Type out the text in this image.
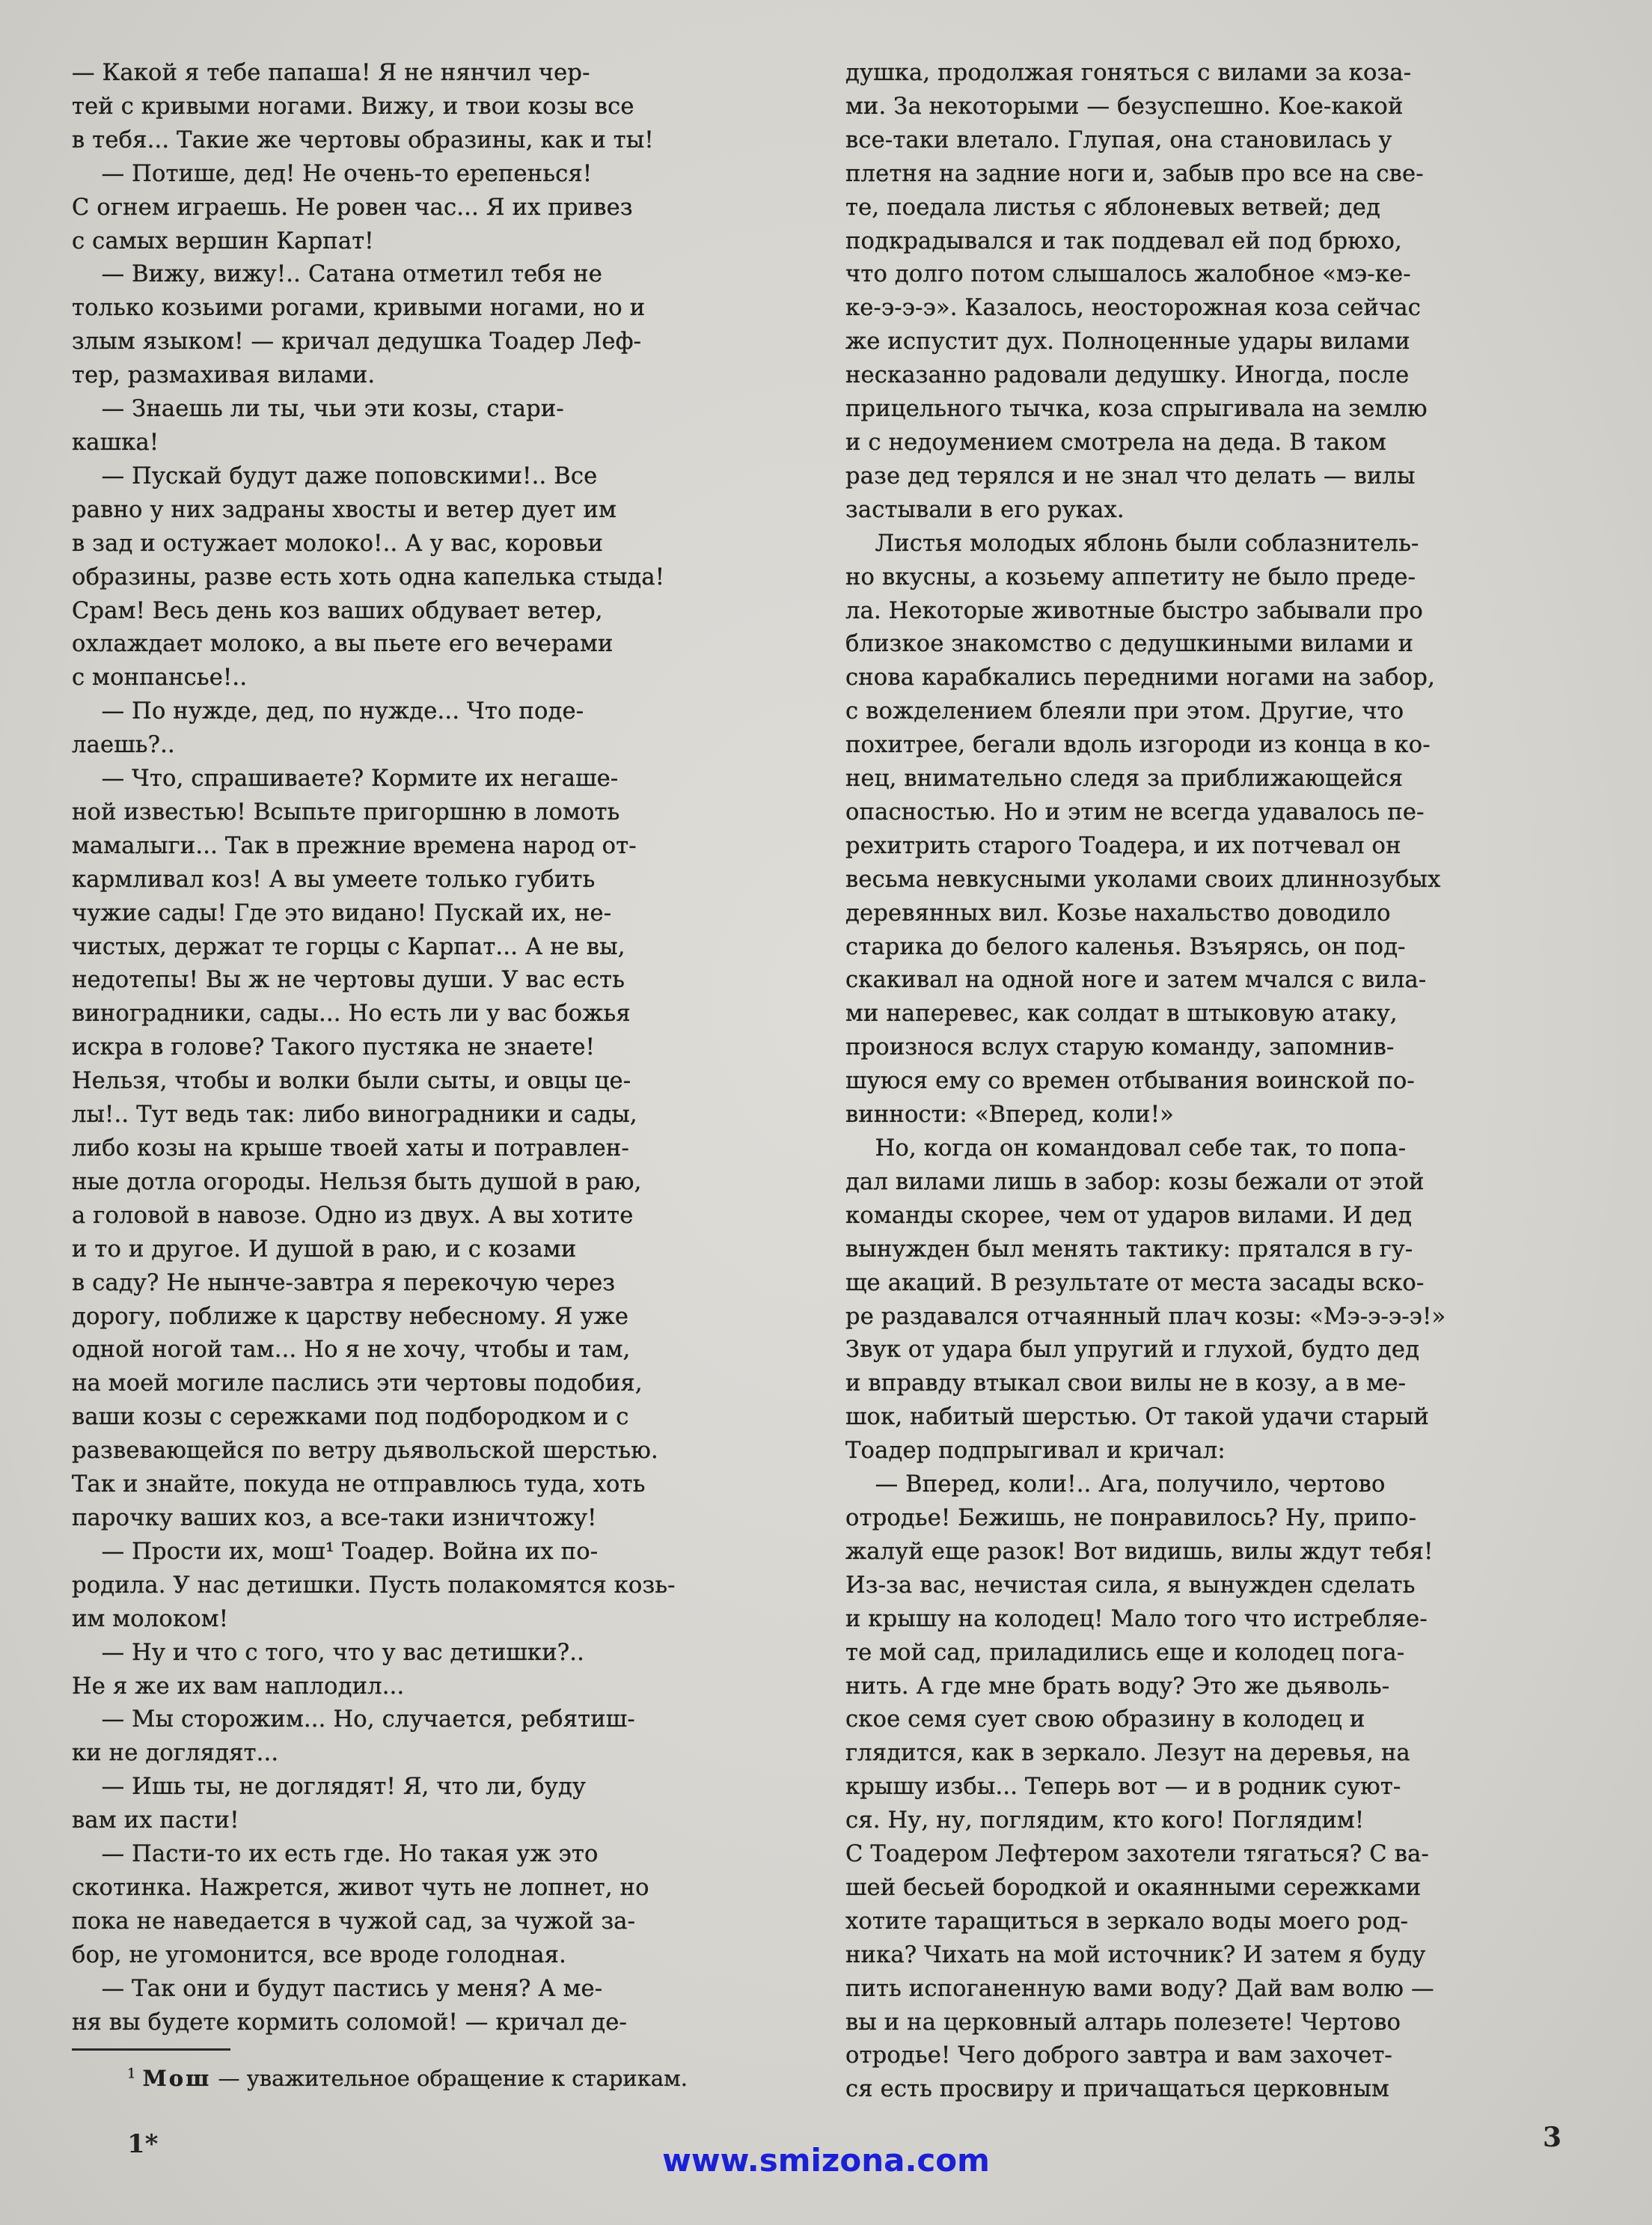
— Какой я тебе папаша! Я не нянчил чер-
тей с кривыми ногами. Вижу, и твои козы все
в тебя... Такие же чертовы образины, как и ты!
— Потише, дед! Не очень-то ерепенься!
С огнем играешь. Не ровен час... Я их привез
с самых вершин Карпат!
— Вижу, вижу!.. Сатана отметил тебя не
только козьими рогами, кривыми ногами, но и
злым языком! — кричал дедушка Тоадер Леф-
тер, размахивая вилами.
— Знаешь ли ты, чьи эти козы, стари-
кашка!
— Пускай будут даже поповскими!.. Все
равно у них задраны хвосты и ветер дует им
в зад и остужает молоко!.. А у вас, коровьи
образины, разве есть хоть одна капелька стыда!
Срам! Весь день коз ваших обдувает ветер,
охлаждает молоко, а вы пьете его вечерами
с монпансье!..
— По нужде, дед, по нужде... Что поде-
лаешь?..
— Что, спрашиваете? Кормите их негаше-
ной известью! Всыпьте пригоршню в ломоть
мамалыги... Так в прежние времена народ от-
кармливал коз! А вы умеете только губить
чужие сады! Где это видано! Пускай их, не-
чистых, держат те горцы с Карпат... А не вы,
недотепы! Вы ж не чертовы души. У вас есть
виноградники, сады... Но есть ли у вас божья
искра в голове? Такого пустяка не знаете!
Нельзя, чтобы и волки были сыты, и овцы це-
лы!.. Тут ведь так: либо виноградники и сады,
либо козы на крыше твоей хаты и потравлен-
ные дотла огороды. Нельзя быть душой в раю,
а головой в навозе. Одно из двух. А вы хотите
и то и другое. И душой в раю, и с козами
в саду? Не нынче-завтра я перекочую через
дорогу, поближе к царству небесному. Я уже
одной ногой там... Но я не хочу, чтобы и там,
на моей могиле паслись эти чертовы подобия,
ваши козы с сережками под подбородком и с
развевающейся по ветру дьявольской шерстью.
Так и знайте, покуда не отправлюсь туда, хоть
парочку ваших коз, а все-таки изничтожу!
— Прости их, мош¹ Тоадер. Война их по-
родила. У нас детишки. Пусть полакомятся козь-
им молоком!
— Ну и что с того, что у вас детишки?..
Не я же их вам наплодил...
— Мы сторожим... Но, случается, ребятиш-
ки не доглядят...
— Ишь ты, не доглядят! Я, что ли, буду
вам их пасти!
— Пасти-то их есть где. Но такая уж это
скотинка. Нажрется, живот чуть не лопнет, но
пока не наведается в чужой сад, за чужой за-
бор, не угомонится, все вроде голодная.
— Так они и будут пастись у меня? А ме-
ня вы будете кормить соломой! — кричал де-
душка, продолжая гоняться с вилами за коза-
ми. За некоторыми — безуспешно. Кое-какой
все-таки влетало. Глупая, она становилась у
плетня на задние ноги и, забыв про все на све-
те, поедала листья с яблоневых ветвей; дед
подкрадывался и так поддевал ей под брюхо,
что долго потом слышалось жалобное «мэ-ке-
ке-э-э-э». Казалось, неосторожная коза сейчас
же испустит дух. Полноценные удары вилами
несказанно радовали дедушку. Иногда, после
прицельного тычка, коза спрыгивала на землю
и с недоумением смотрела на деда. В таком
разе дед терялся и не знал что делать — вилы
застывали в его руках.
Листья молодых яблонь были соблазнитель-
но вкусны, а козьему аппетиту не было преде-
ла. Некоторые животные быстро забывали про
близкое знакомство с дедушкиными вилами и
снова карабкались передними ногами на забор,
с вожделением блеяли при этом. Другие, что
похитрее, бегали вдоль изгороди из конца в ко-
нец, внимательно следя за приближающейся
опасностью. Но и этим не всегда удавалось пе-
рехитрить старого Тоадера, и их потчевал он
весьма невкусными уколами своих длиннозубых
деревянных вил. Козье нахальство доводило
старика до белого каленья. Взъярясь, он под-
скакивал на одной ноге и затем мчался с вила-
ми наперевес, как солдат в штыковую атаку,
произнося вслух старую команду, запомнив-
шуюся ему со времен отбывания воинской по-
винности: «Вперед, коли!»
Но, когда он командовал себе так, то попа-
дал вилами лишь в забор: козы бежали от этой
команды скорее, чем от ударов вилами. И дед
вынужден был менять тактику: прятался в гу-
ще акаций. В результате от места засады вско-
ре раздавался отчаянный плач козы: «Мэ-э-э-э!»
Звук от удара был упругий и глухой, будто дед
и вправду втыкал свои вилы не в козу, а в ме-
шок, набитый шерстью. От такой удачи старый
Тоадер подпрыгивал и кричал:
— Вперед, коли!.. Ага, получило, чертово
отродье! Бежишь, не понравилось? Ну, припо-
жалуй еще разок! Вот видишь, вилы ждут тебя!
Из-за вас, нечистая сила, я вынужден сделать
и крышу на колодец! Мало того что истребляе-
те мой сад, приладились еще и колодец пога-
нить. А где мне брать воду? Это же дьяволь-
ское семя сует свою образину в колодец и
глядится, как в зеркало. Лезут на деревья, на
крышу избы... Теперь вот — и в родник суют-
ся. Ну, ну, поглядим, кто кого! Поглядим!
С Тоадером Лефтером захотели тягаться? С ва-
шей бесьей бородкой и окаянными сережками
хотите таращиться в зеркало воды моего род-
ника? Чихать на мой источник? И затем я буду
пить испоганенную вами воду? Дай вам волю —
вы и на церковный алтарь полезете! Чертово
отродье! Чего доброго завтра и вам захочет-
ся есть просвиру и причащаться церковным
$^1$ Мош — уважительное обращение к старикам.
1*	3
www.smizona.com
